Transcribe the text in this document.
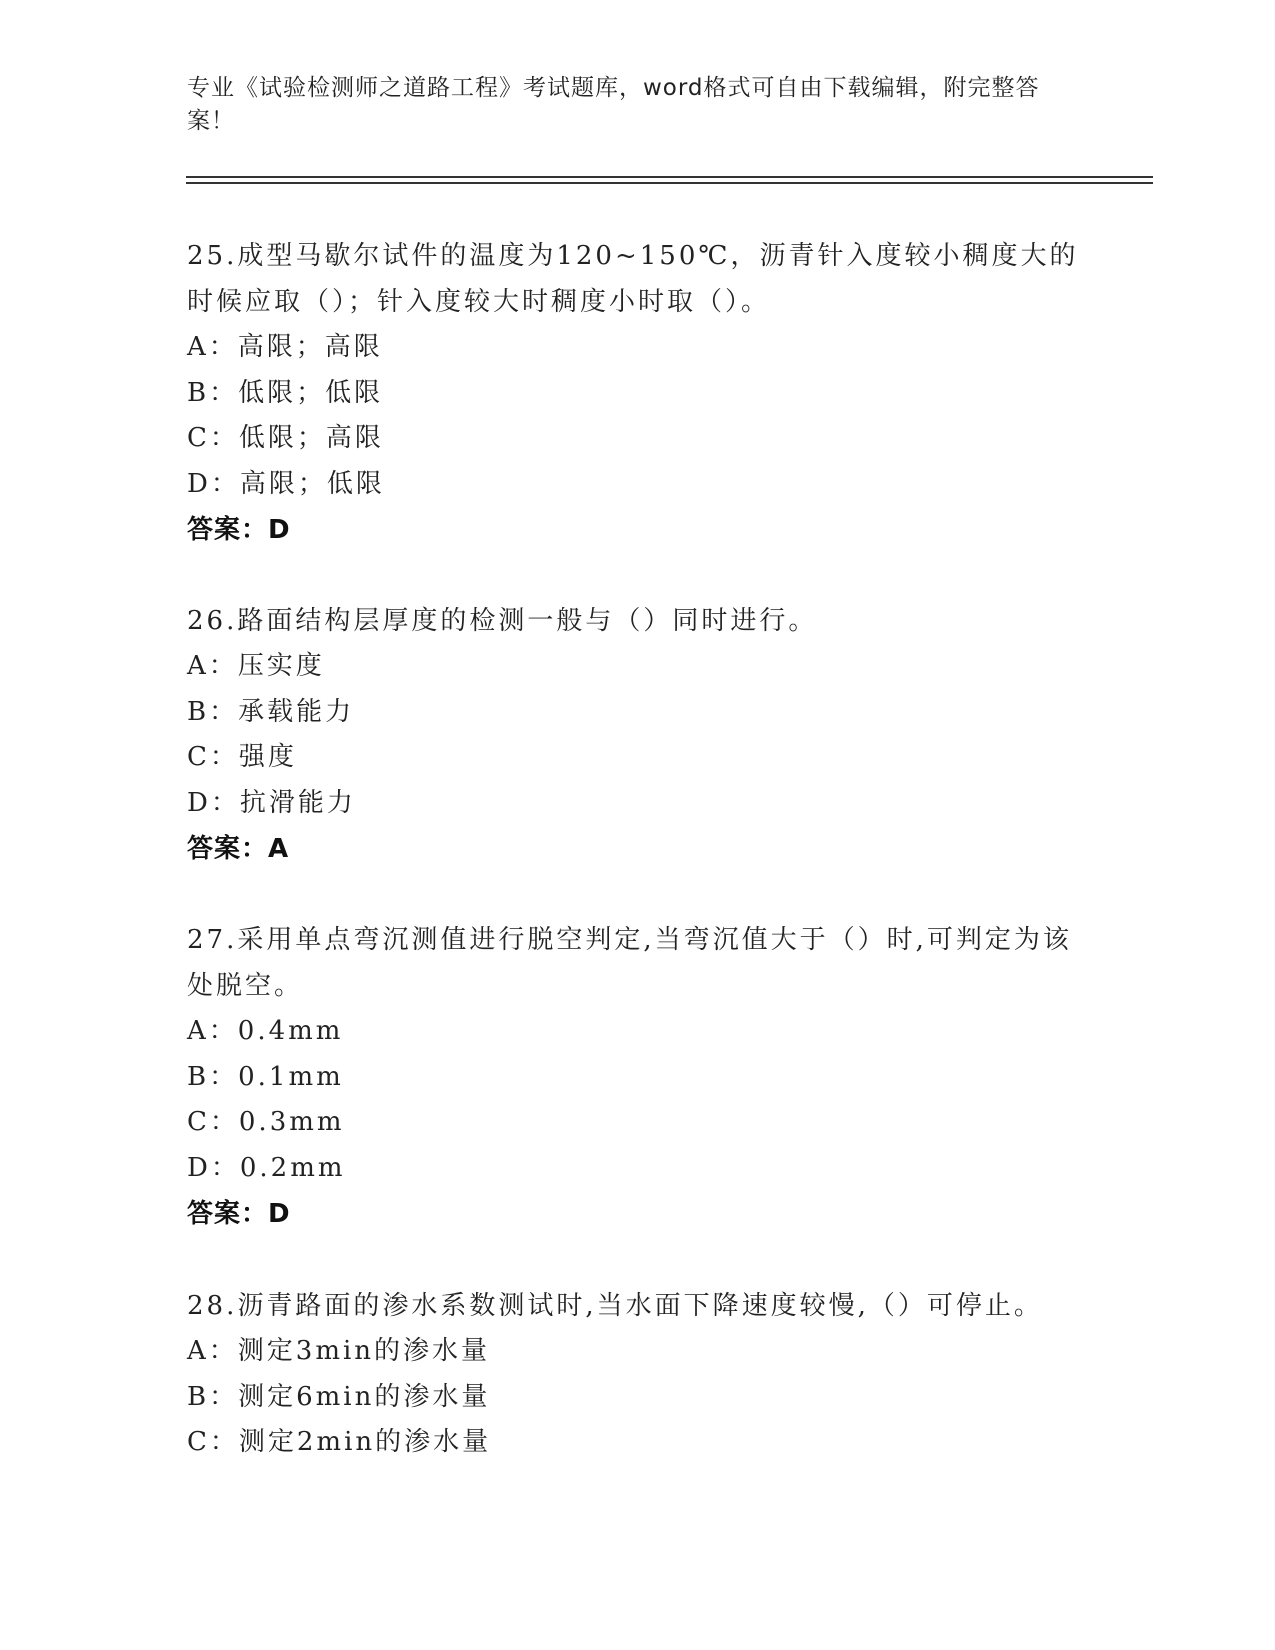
专业《试验检测师之道路工程》考试题库，word格式可自由下载编辑，附完整答案！

25.成型马歇尔试件的温度为120~150℃，沥青针入度较小稠度大的时候应取（）；针入度较大时稠度小时取（）。

A：高限；高限

B：低限；低限

C：低限；高限

D：高限；低限

答案：D

26.路面结构层厚度的检测一般与（）同时进行。

A：压实度

B：承载能力

C：强度

D：抗滑能力

答案：A

27.采用单点弯沉测值进行脱空判定,当弯沉值大于（）时,可判定为该处脱空。

A：0.4mm

B：0.1mm

C：0.3mm

D：0.2mm

答案：D

28.沥青路面的渗水系数测试时,当水面下降速度较慢,（）可停止。

A：测定3min的渗水量

B：测定6min的渗水量

C：测定2min的渗水量
